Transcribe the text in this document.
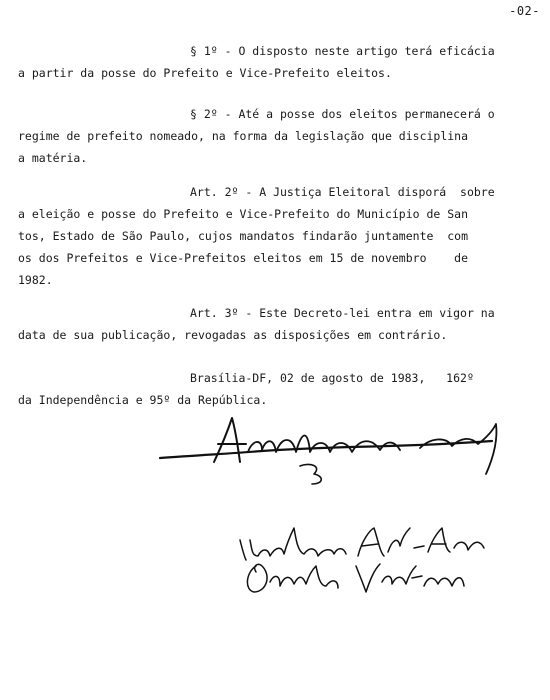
-02-
§ 1º - O disposto neste artigo terá eficácia
a partir da posse do Prefeito e Vice-Prefeito eleitos.
§ 2º - Até a posse dos eleitos permanecerá o
regime de prefeito nomeado, na forma da legislação que disciplina
a matéria.
Art. 2º - A Justiça Eleitoral disporá  sobre
a eleição e posse do Prefeito e Vice-Prefeito do Município de San
tos, Estado de São Paulo, cujos mandatos findarão juntamente  com
os dos Prefeitos e Vice-Prefeitos eleitos em 15 de novembro    de
1982.
Art. 3º - Este Decreto-lei entra em vigor na
data de sua publicação, revogadas as disposições em contrário.
Brasília-DF, 02 de agosto de 1983,   162º
da Independência e 95º da República.
